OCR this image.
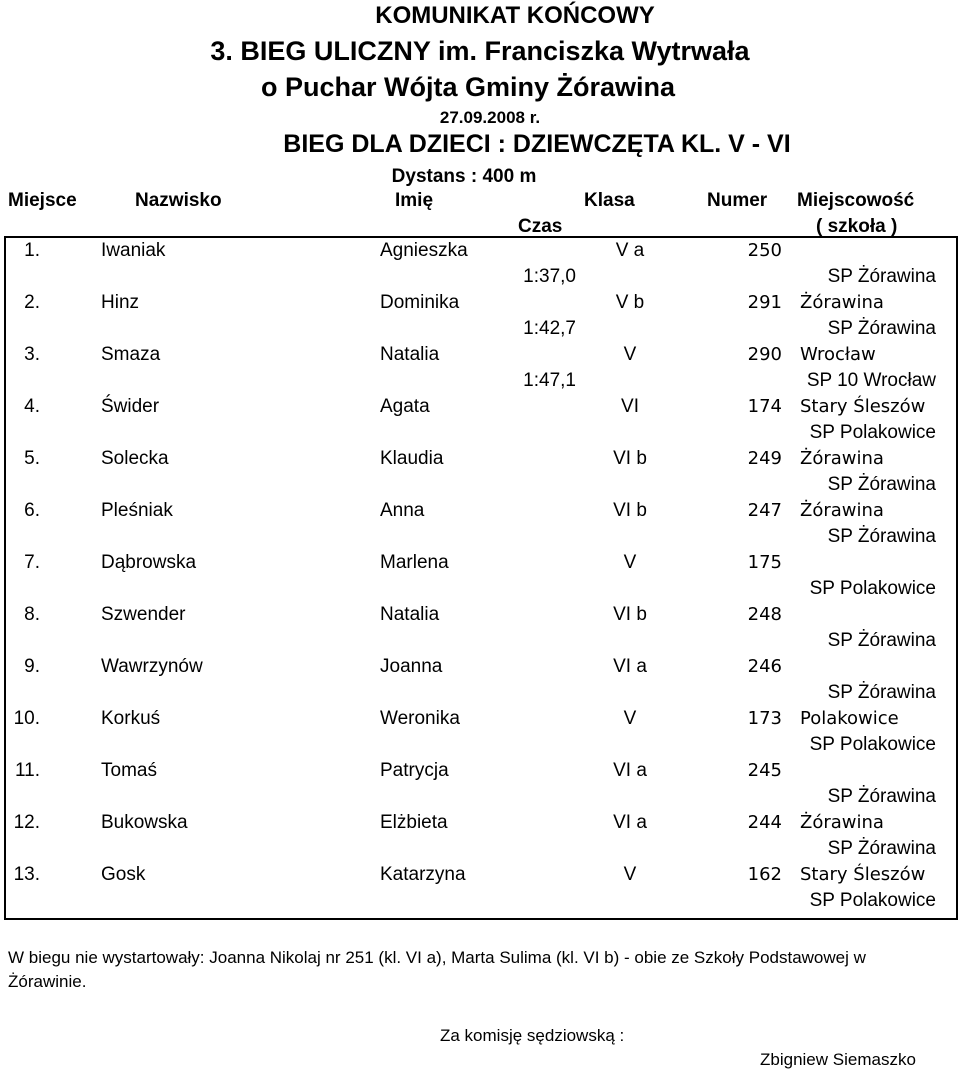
KOMUNIKAT KOŃCOWY
3. BIEG ULICZNY im. Franciszka Wytrwała
o Puchar Wójta Gminy Żórawina
27.09.2008 r.
BIEG DLA DZIECI : DZIEWCZĘTA KL. V - VI
Dystans : 400 m
Miejsce	Nazwisko	Imię	Klasa	Numer Miejscowość
Czas	( szkoła )
1.	Iwaniak	Agnieszka	V a	250
1:37,0	SP Żórawina
2.	Hinz	Dominika	V b	291 Żórawina
1:42,7	SP Żórawina
3.	Smaza	Natalia	V	290 Wrocław
1:47,1	SP 10 Wrocław
4.	Świder	Agata	VI	174 Stary Śleszów
SP Polakowice
5.	Solecka	Klaudia	VI b	249 Żórawina
SP Żórawina
6.	Pleśniak	Anna	VI b	247 Żórawina
SP Żórawina
7.	Dąbrowska	Marlena	V	175
SP Polakowice
8.	Szwender	Natalia	VI b	248
SP Żórawina
9.	Wawrzynów	Joanna	VI a	246
SP Żórawina
10.	Korkuś	Weronika	V	173 Polakowice
SP Polakowice
11.	Tomaś	Patrycja	VI a	245
SP Żórawina
12.	Bukowska	Elżbieta	VI a	244 Żórawina
SP Żórawina
13.	Gosk	Katarzyna	V	162 Stary Śleszów
SP Polakowice
W biegu nie wystartowały: Joanna Nikolaj nr 251 (kl. VI a), Marta Sulima (kl. VI b) - obie ze Szkoły Podstawowej w Żórawinie.
Za komisję sędziowską :
Zbigniew Siemaszko
